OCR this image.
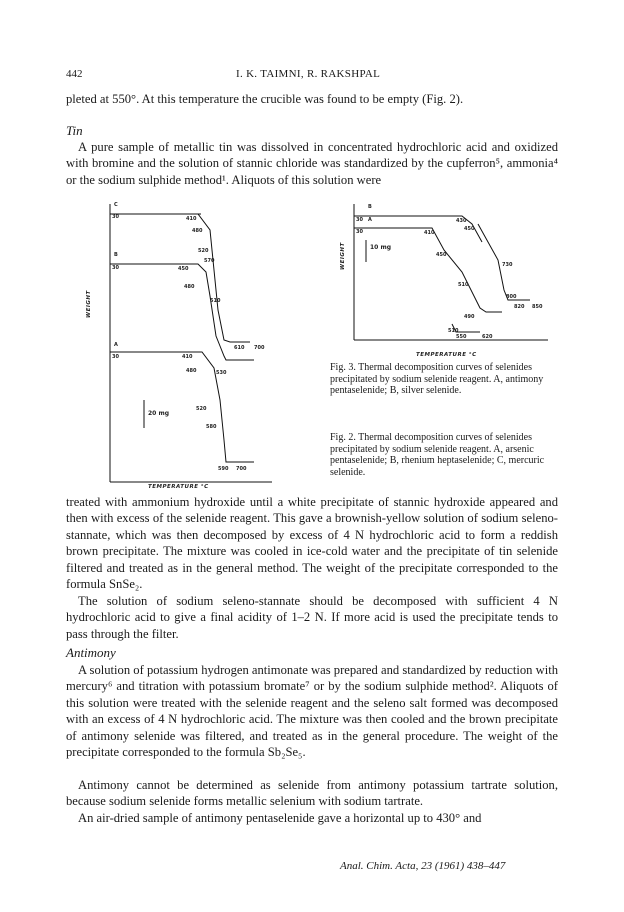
442	I. K. TAIMNI, R. RAKSHPAL
pleted at 550°. At this temperature the crucible was found to be empty (Fig. 2).
Tin
A pure sample of metallic tin was dissolved in concentrated hydrochloric acid and oxidized with bromine and the solution of stannic chloride was standardized by the cupferron⁵, ammonia⁴ or the sodium sulphide method¹. Aliquots of this solution were
C
30	410
480
520
570
B
30	450
480
510
610 700
A
30	410
480	530
520
580
590 700
20 mg
TEMPERATURE °C
WEIGHT
B
30 A
30
430
450
410
450
730
510
800
820 850
490
510
550	620
10 mg
WEIGHT
TEMPERATURE °C
Fig. 3. Thermal decomposition curves of selenides precipitated by sodium selenide reagent. A, antimony pentaselenide; B, silver selenide.
Fig. 2. Thermal decomposition curves of selenides precipitated by sodium selenide reagent. A, arsenic pentaselenide; B, rhenium heptaselenide; C, mercuric selenide.
treated with ammonium hydroxide until a white precipitate of stannic hydroxide appeared and then with excess of the selenide reagent. This gave a brownish-yellow solution of sodium seleno-stannate, which was then decomposed by excess of 4 N hydrochloric acid to form a reddish brown precipitate. The mixture was cooled in ice-cold water and the precipitate of tin selenide filtered and treated as in the general method. The weight of the precipitate corresponded to the formula SnSe₂.
The solution of sodium seleno-stannate should be decomposed with sufficient 4 N hydrochloric acid to give a final acidity of 1–2 N. If more acid is used the precipitate tends to pass through the filter.
Antimony
A solution of potassium hydrogen antimonate was prepared and standardized by reduction with mercury⁶ and titration with potassium bromate⁷ or by the sodium sulphide method². Aliquots of this solution were treated with the selenide reagent and the seleno salt formed was decomposed with an excess of 4 N hydrochloric acid. The mixture was then cooled and the brown precipitate of antimony selenide was filtered, and treated as in the general procedure. The weight of the precipitate corresponded to the formula Sb₂Se₅.
Antimony cannot be determined as selenide from antimony potassium tartrate solution, because sodium selenide forms metallic selenium with sodium tartrate.
An air-dried sample of antimony pentaselenide gave a horizontal up to 430° and
Anal. Chim. Acta, 23 (1961) 438–447
